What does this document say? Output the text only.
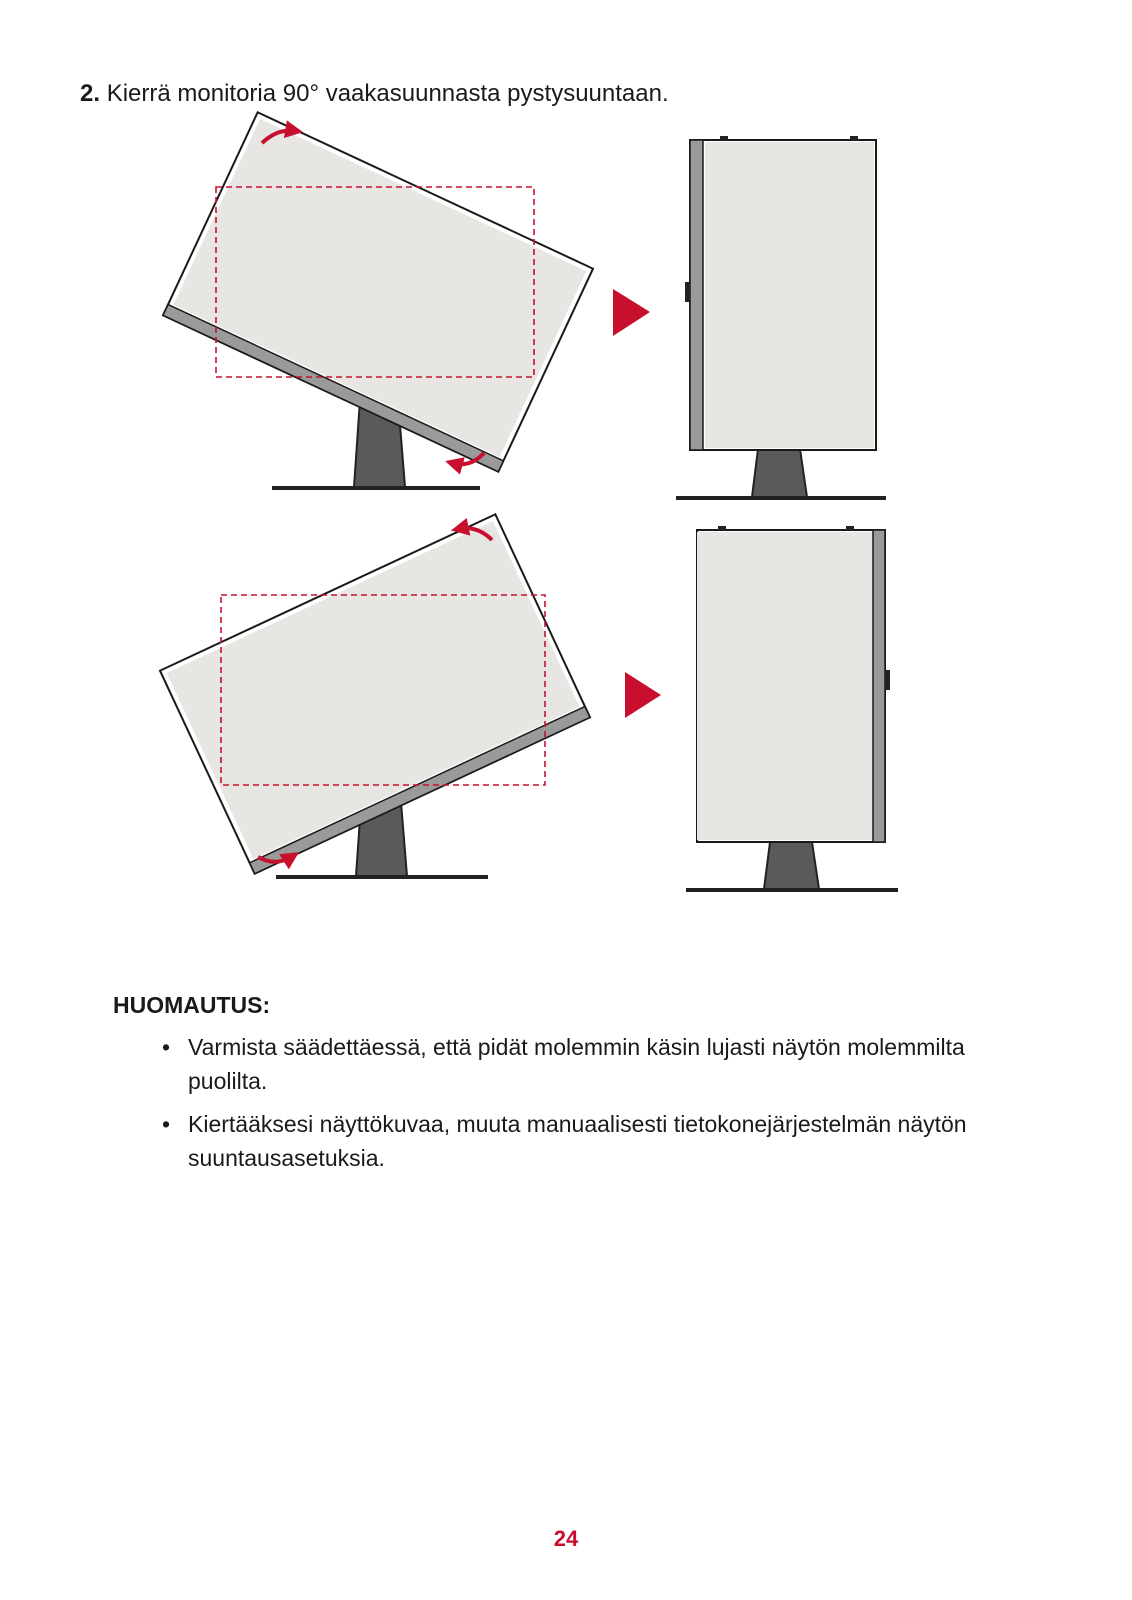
2. Kierrä monitoria 90° vaakasuunnasta pystysuuntaan.
HUOMAUTUS:
• Varmista säädettäessä, että pidät molemmin käsin lujasti näytön molemmilta puolilta.
• Kiertääksesi näyttökuvaa, muuta manuaalisesti tietokonejärjestelmän näytön suuntausasetuksia.
24
